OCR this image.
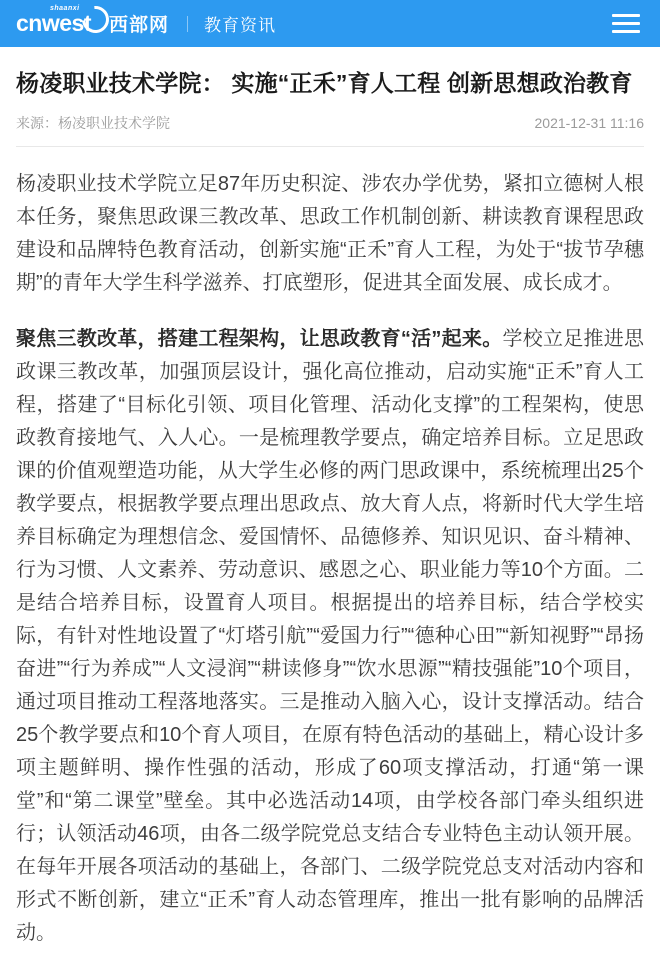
shaanxi
cnwest 西部网 教育资讯
杨凌职业技术学院： 实施“正禾”育人工程 创新思想政治教育
来源：杨凌职业技术学院	2021-12-31 11:16

杨凌职业技术学院立足87年历史积淀、涉农办学优势，紧扣立德树人根本任务，聚焦思政课三教改革、思政工作机制创新、耕读教育课程思政建设和品牌特色教育活动，创新实施“正禾”育人工程，为处于“拔节孕穗期”的青年大学生科学滋养、打底塑形，促进其全面发展、成长成才。

聚焦三教改革，搭建工程架构，让思政教育“活”起来。学校立足推进思政课三教改革，加强顶层设计，强化高位推动，启动实施“正禾”育人工程，搭建了“目标化引领、项目化管理、活动化支撑”的工程架构，使思政教育接地气、入人心。一是梳理教学要点，确定培养目标。立足思政课的价值观塑造功能，从大学生必修的两门思政课中，系统梳理出25个教学要点，根据教学要点理出思政点、放大育人点，将新时代大学生培养目标确定为理想信念、爱国情怀、品德修养、知识见识、奋斗精神、行为习惯、人文素养、劳动意识、感恩之心、职业能力等10个方面。二是结合培养目标，设置育人项目。根据提出的培养目标，结合学校实际，有针对性地设置了“灯塔引航”“爱国力行”“德种心田”“新知视野”“昂扬奋进”“行为养成”“人文浸润”“耕读修身”“饮水思源”“精技强能”10个项目，通过项目推动工程落地落实。三是推动入脑入心，设计支撑活动。结合25个教学要点和10个育人项目，在原有特色活动的基础上，精心设计多项主题鲜明、操作性强的活动，形成了60项支撑活动，打通“第一课堂”和“第二课堂”壁垒。其中必选活动14项，由学校各部门牵头组织进行；认领活动46项，由各二级学院党总支结合专业特色主动认领开展。在每年开展各项活动的基础上，各部门、二级学院党总支对活动内容和形式不断创新，建立“正禾”育人动态管理库，推出一批有影响的品牌活动。
